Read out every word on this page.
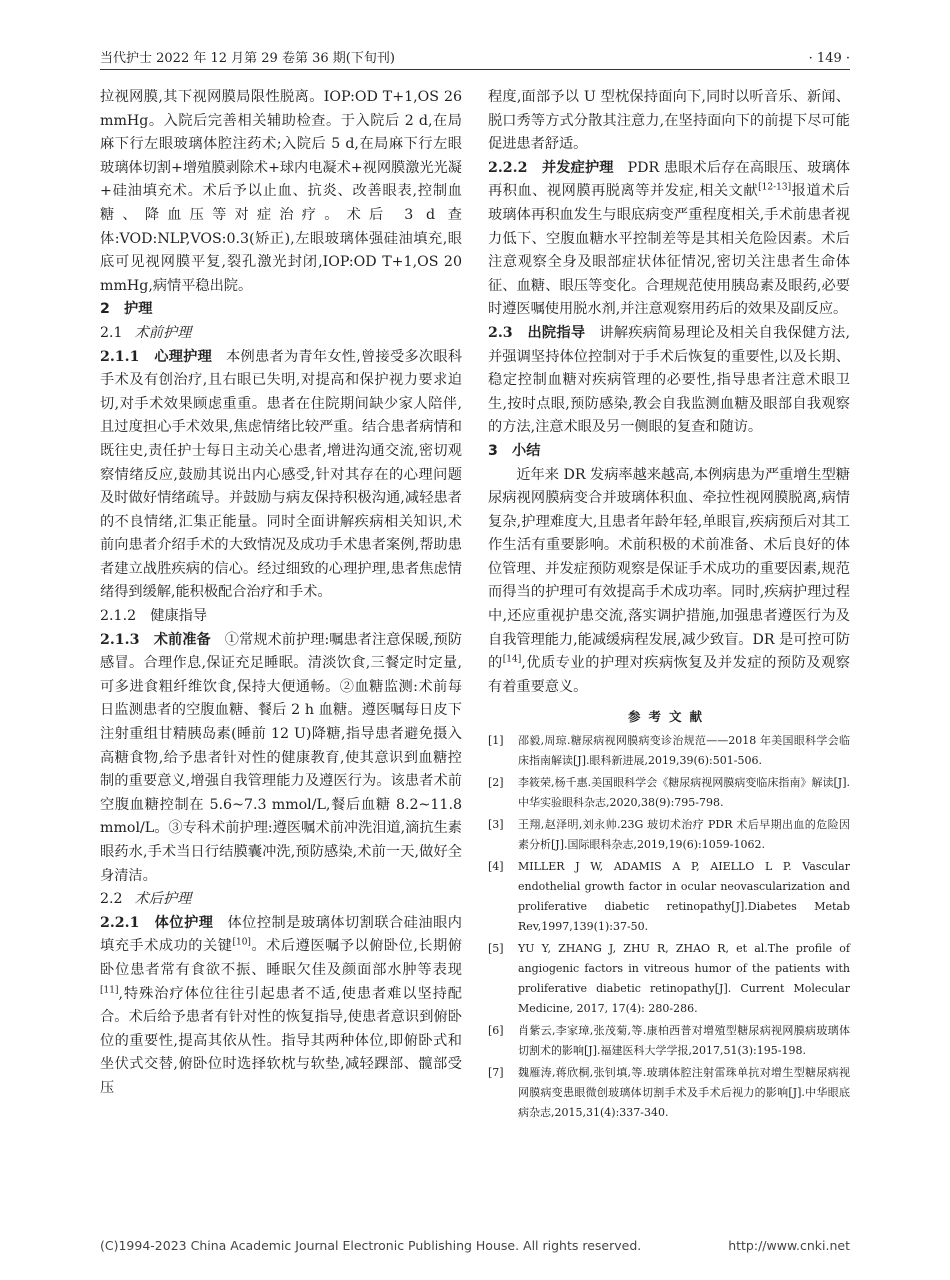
当代护士 2022 年 12 月第 29 卷第 36 期(下旬刊)	· 149 ·

拉视网膜,其下视网膜局限性脱离。IOP:OD T+1,OS 26 mmHg。入院后完善相关辅助检查。于入院后 2 d,在局麻下行左眼玻璃体腔注药术;入院后 5 d,在局麻下行左眼玻璃体切割+增殖膜剥除术+球内电凝术+视网膜激光光凝+硅油填充术。术后予以止血、抗炎、改善眼表,控制血糖、降血压等对症治疗。术后 3 d 查体:VOD:NLP,VOS:0.3(矫正),左眼玻璃体强硅油填充,眼底可见视网膜平复,裂孔激光封闭,IOP:OD T+1,OS 20 mmHg,病情平稳出院。

2　护理

2.1 术前护理

2.1.1　心理护理 本例患者为青年女性,曾接受多次眼科手术及有创治疗,且右眼已失明,对提高和保护视力要求迫切,对手术效果顾虑重重。患者在住院期间缺少家人陪伴,且过度担心手术效果,焦虑情绪比较严重。结合患者病情和既往史,责任护士每日主动关心患者,增进沟通交流,密切观察情绪反应,鼓励其说出内心感受,针对其存在的心理问题及时做好情绪疏导。并鼓励与病友保持积极沟通,减轻患者的不良情绪,汇集正能量。同时全面讲解疾病相关知识,术前向患者介绍手术的大致情况及成功手术患者案例,帮助患者建立战胜疾病的信心。经过细致的心理护理,患者焦虑情绪得到缓解,能积极配合治疗和手术。

2.1.2　健康指导

2.1.3　术前准备 ①常规术前护理:嘱患者注意保暖,预防感冒。合理作息,保证充足睡眠。清淡饮食,三餐定时定量,可多进食粗纤维饮食,保持大便通畅。②血糖监测:术前每日监测患者的空腹血糖、餐后 2 h 血糖。遵医嘱每日皮下注射重组甘精胰岛素(睡前 12 U)降糖,指导患者避免摄入高糖食物,给予患者针对性的健康教育,使其意识到血糖控制的重要意义,增强自我管理能力及遵医行为。该患者术前空腹血糖控制在 5.6~7.3 mmol/L,餐后血糖 8.2~11.8 mmol/L。③专科术前护理:遵医嘱术前冲洗泪道,滴抗生素眼药水,手术当日行结膜囊冲洗,预防感染,术前一天,做好全身清洁。

2.2 术后护理

2.2.1　体位护理 体位控制是玻璃体切割联合硅油眼内填充手术成功的关键[10]。术后遵医嘱予以俯卧位,长期俯卧位患者常有食欲不振、睡眠欠佳及颜面部水肿等表现[11],特殊治疗体位往往引起患者不适,使患者难以坚持配合。术后给予患者有针对性的恢复指导,使患者意识到俯卧位的重要性,提高其依从性。指导其两种体位,即俯卧式和坐伏式交替,俯卧位时选择软枕与软垫,减轻踝部、髋部受压

程度,面部予以 U 型枕保持面向下,同时以听音乐、新闻、脱口秀等方式分散其注意力,在坚持面向下的前提下尽可能促进患者舒适。

2.2.2　并发症护理 PDR 患眼术后存在高眼压、玻璃体再积血、视网膜再脱离等并发症,相关文献[12-13]报道术后玻璃体再积血发生与眼底病变严重程度相关,手术前患者视力低下、空腹血糖水平控制差等是其相关危险因素。术后注意观察全身及眼部症状体征情况,密切关注患者生命体征、血糖、眼压等变化。合理规范使用胰岛素及眼药,必要时遵医嘱使用脱水剂,并注意观察用药后的效果及副反应。

2.3　出院指导 讲解疾病简易理论及相关自我保健方法,并强调坚持体位控制对于手术后恢复的重要性,以及长期、稳定控制血糖对疾病管理的必要性,指导患者注意术眼卫生,按时点眼,预防感染,教会自我监测血糖及眼部自我观察的方法,注意术眼及另一侧眼的复查和随访。

3　小结

近年来 DR 发病率越来越高,本例病患为严重增生型糖尿病视网膜病变合并玻璃体积血、牵拉性视网膜脱离,病情复杂,护理难度大,且患者年龄年轻,单眼盲,疾病预后对其工作生活有重要影响。术前积极的术前准备、术后良好的体位管理、并发症预防观察是保证手术成功的重要因素,规范而得当的护理可有效提高手术成功率。同时,疾病护理过程中,还应重视护患交流,落实调护措施,加强患者遵医行为及自我管理能力,能减缓病程发展,减少致盲。DR 是可控可防的[14],优质专业的护理对疾病恢复及并发症的预防及观察有着重要意义。

参考文献
[1]	邵毅,周琼.糖尿病视网膜病变诊治规范——2018 年美国眼科学会临床指南解读[J].眼科新进展,2019,39(6):501-506.
[2]	李筱荣,杨千惠.美国眼科学会《糖尿病视网膜病变临床指南》解读[J].中华实验眼科杂志,2020,38(9):795-798.
[3]	王翔,赵泽明,刘永帅.23G 玻切术治疗 PDR 术后早期出血的危险因素分析[J].国际眼科杂志,2019,19(6):1059-1062.
[4]	MILLER J W, ADAMIS A P, AIELLO L P. Vascular endothelial growth factor in ocular neovascularization and proliferative diabetic retinopathy[J].Diabetes Metab Rev,1997,139(1):37-50.
[5]	YU Y, ZHANG J, ZHU R, ZHAO R, et al.The profile of angiogenic factors in vitreous humor of the patients with proliferative diabetic retinopathy[J]. Current Molecular Medicine, 2017, 17(4): 280-286.
[6]	肖紫云,李家璋,张茂菊,等.康柏西普对增殖型糖尿病视网膜病玻璃体切割术的影响[J].福建医科大学学报,2017,51(3):195-198.
[7]	魏雁涛,蒋欣桐,张钊填,等.玻璃体腔注射雷珠单抗对增生型糖尿病视网膜病变患眼微创玻璃体切割手术及手术后视力的影响[J].中华眼底病杂志,2015,31(4):337-340.
(C)1994-2023 China Academic Journal Electronic Publishing House. All rights reserved.	http://www.cnki.net
